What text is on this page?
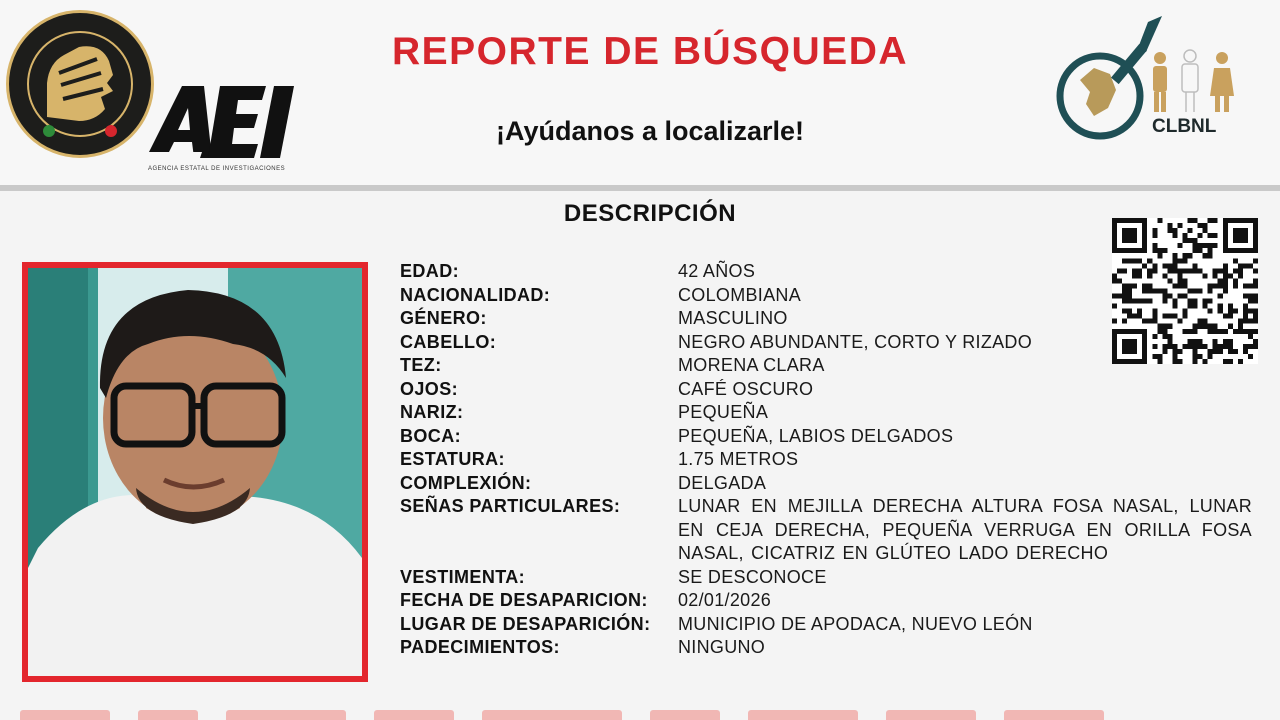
AGENCIA ESTATAL DE INVESTIGACIONES
REPORTE DE BÚSQUEDA
¡Ayúdanos a localizarle!	CLBNL
DESCRIPCIÓN
EDAD:	42 AÑOS
NACIONALIDAD:	COLOMBIANA
GÉNERO:	MASCULINO
CABELLO:	NEGRO ABUNDANTE, CORTO Y RIZADO
TEZ:	MORENA CLARA
OJOS:	CAFÉ OSCURO
NARIZ:	PEQUEÑA
BOCA:	PEQUEÑA, LABIOS DELGADOS
ESTATURA:	1.75 METROS
COMPLEXIÓN:	DELGADA
SEÑAS PARTICULARES:	LUNAR EN MEJILLA DERECHA ALTURA FOSA NASAL, LUNAR EN CEJA DERECHA, PEQUEÑA VERRUGA EN ORILLA FOSA NASAL, CICATRIZ EN GLÚTEO LADO DERECHO
VESTIMENTA:	SE DESCONOCE
FECHA DE DESAPARICION:	02/01/2026
LUGAR DE DESAPARICIÓN:	MUNICIPIO DE APODACA, NUEVO LEÓN
PADECIMIENTOS:	NINGUNO
